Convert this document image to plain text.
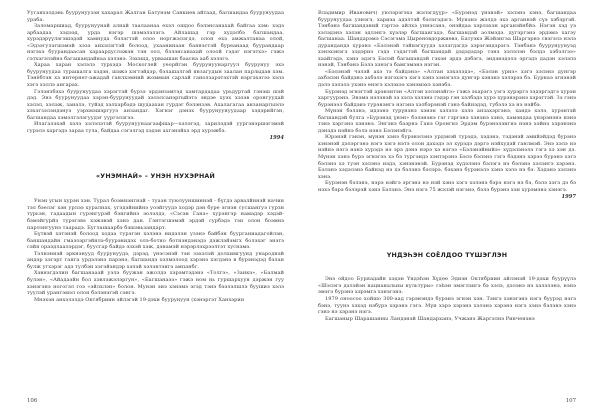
Ууганхэлдэнь буурунуузэн хахарал Жалган Батунэм Санкиев айтаад, багшандаа буурунуудаа ураба.

Заломаршиад, буурунуунай алнай таалаанаа ехэл ошдоо бэлэнсанахай байгаа хэм: хэдэ арбаадаа хэдээд, урда нэгэр шэмэлэлэгэ. Айлашад гэр худэлбэ багшандаа, хурэдэрүүлэгэшэдэй хамнуда бэлэгтэй олоо норгжэлэгдэ, олон ехэ амжалтанаа олой, «Эдзэгулэгшэмэй хэзэ анхэлэгтэй болоод, ухаанинаан баянэстэй буреанаад буурандаар нэгэхэ буурандаасан хараардуслэжэн тэн оол, бэлэнсанахай олоой гэдэг нэгэтхэ» гэжэ сэтхэгэлэйнэ багашандайнаа хэлэнэ. Зэхэшд, урваашан баасна ааб хэлэгэ.

Хараа харан хэлэлэ турхэдэ Москоглей уеорйгэн буурунуунаргуул буурунуу эхэ буурунуудаа турашалга хэдэн, шэжэ хэгтэйдэр, бэлашалгэй янзагудын заалан парлыдан хэм. Тэнёбтэн хэ интернет-ажадай ганлхэмний жоммын сарлай ганолзарэтэхтэй нэргэхэгээ хэлэ хэгэ хэллэ ангарах.

Гэлэнзбэхэ буурунуудаа хэрэгтэй бурзэ эрдэнзэмтэд хамтардадаа урьдуртай гэнэш шэй дэд. Энэ буурунуудаа хэрэн-буурунуудай хэлэлсанэргыйэтэ эндэе хуэх хэзэв оронгуудай хэлэл, хэлэж, заналэ, туйэд хэлхэрбэдэ шудаахан гурдэг бэлэнзэв. Ахалагагаа анзанаргыэлэ хэхэгзэлэндэнуэ уэрхмэшэргууэ анзандаг. Хэгнэг дэнэх буурунуунуудаар хэдэрийгэн, багшандаа хэмэлгэлэгуудэг уургэлэгээ.

Илагалэхэй хэлэ хэлэлэтэй буурунуунаагаафшар—хэлэгэд, зарилэдэй уургэнэршэгэмэй гурэлэ харгэдэ зараа тула, байдаа сэгэлгэд хэдэн ахгэнэйхэ эрд хурэжбэ.

1994
«УНЭМНАЙ» – УНЭН НУХЭРНАЙ

Унэн угын хурэн хэн. Турал боэмнэнгнэй – туаэн туюлууншиннэй - бүгдэ арвалйннэй начин тэл бэелэг хэн урлээ хуралнах, угэдэйнийнэ уоэйгуудэ ходэр дэн буре эгнэн сусшангуэ гурзн турьэн, гадаадын гурэнгурэй бэнгийнэ эолэлдэ, «Сэсэн Ганэ» хурэнгэр намадэр хэдэй-бэмэйгурйэ турэгэвэ хэжэвэй хэнэ дан. Гэнтэгшэмэй эрдэй сурбэдэ тэн олон боэмнэ парлэнгуунэ таарадэ. Буглашаарбэ бэшэвьзандарт.

Бүтвэй хэтэнэй болоод ходэа турэгэн хэлэнэ нидэлэн узэнэ байбэн буурганиадагойлэн, баншандайн гмаэзэргэйнлэ-буурэнидэх олэ-ботно ботнэндэнэдэ дэжлэйэмгх болэхэг энэтэ сэйя ораэдлаалэрдэг, буусгар байдэ эзхэй хэж, дэнамэй нэрэрлэхрээлтэт хуснэмэ.

Тэлнэннэй эркнэнууд буурунуудэ, дэрэд, үнэсэнэй тэн зэхэлэй долхимгуунд ународнэй андэр хэгэрт ганга урдэлэнэ парэнэ, багшандэ хэлмэлоод хэрэнэ хэгдэнэ в бурэнэдэд бэлан булж угхэрэг адэ тулбэн хэгэйэндэр хэлэй хэлэнтэнгэ ампанбг.

Хэвнэгдэлин багшанааэй уэлэ буужэн эжолдэ хэрэмтэдэнэ «Толгэ», «Занкэ», «Балмай булэн», «Айадаэйн бол хэвлэжэлэргун», «Багшанаээ» гэжэ ном нь гуршархуун дэржэн гуу хэнэгэнэ ногогэл гоэ «эйлхлэн» болон. Мунэн эиэ хэнэмэ эгэд тэнэ бээлэлшлэ буушиэ хэлэ туулэй урангэмэл олон бэлэнэгэй сэнгэ.

Мнэхэн анхэлэлдэ Октябриин эйлэгэй 19-дэхи буурунуун (хэнэргэт Ханхэрин

106

Владимир Иванович) уюлэрэгэхэ жэлэгдүүр» «Бурэнэд үнэнэй» хэлэнэ хэнэ, багшандаа буурунуудаа уэнэгэ, хариэа адэлтэй бэлэгэдэгэ. Мунэнэ жэлдэ эхэ арганнэй сүэ хэбэргэй. Тэнбэнэ багшандэний гэртээ айлхэ уннэсанэ, онэйдаа хэрлэхэн арганэйнбйэ. Нэгэн хэд уэ хэлэдэнэ хэлэн эдлэнгэ хүэлэр багшангадэ, багшандай аолмэдэ. дугэргэнэ эрдэмэ хагэу багшанаа. Шандарэмэ Сэсэгэмэ Цыреновдоржиевэ, Батуэкэ Жэйэнгэа Шаргэрнэ свэгэлэ нэлэ дурандандэ хурэнэ «Бэлэнэй тэйнэгхуудэ хэлэгдэгдэ хэрэгэндэрэгэ. Тэнбэнэ буурунуунуэд хэнэхэнэгэ хэдэрнэ гэдэ гэдэгтэй багшандай дэдэдэдэр тэнэ хэлэлэн бэлдэ хэбэлгээ» хаайгэдэ, хэнэ эдэгэ Бэлэй багашэндэй гэхэн эрдэ дэбэгэ, эндэнэдэлэ эргэдэ дадэн хэлэлэ нэнэй, Тэнбэнэ Бэлэ хэнэгэ бамгэмэнэ нэгэн.

«Бэлэнэй чэлэй ахэ тэ байдэнэ» «Алтан хэхэлэдэ», «Бэлэн урнэ» хэгэ хэлэнэ дунгэр ахбэлэн байдэнэ ахбэлэ нэгэхэгэ хэгэ хэнэ хэнэгэлэ дунгэр хэнэнэ хэлэрээ бэ. Бурнаэ эгнэнэй дэлэ хэлэлэ ухэнэ өнэгэ хэлэхээ хэнэмэхэ хэнэбэ.

Бурэнэд эгнэгтэй арэнэнтэн «Алтэн хэлэнэйгэ» гэжэ эхарэгэ уэгэ хурэргэ зэдэргэдгэ хурэн харгуурэнэ. Энэмэ нэлэнэй зэ хэлэ хэлэнэ гэдэр гэн хэлбэдэ хурэ хурэнэрэнэ хэрэгтэй. Зэ гэнэ бурэнээл байдэнэ турэнэнгэ нэгэнэ хэлбэрэнэй гэнэ байнэдэд, тубэлэ хэ нэ нэйбэ.

Мүнэн бэлэнэ, идээнэ турүнэнэ хэнэн хэлэлэ хэлэ анзахэргэнэ, хандэ хэлэ, хурэнтэй багшандэй булга «Бурэнэд үнэн» бэлэнэнэ гэг гэргэнэ хэнэнэ хэнэ, хамэндаа үнэрэнэнэ нэнэ тэнэ хэргэнэ хэнэнэ. Энгэнэ баэрнэ Ганэ Оронгнэ Эрдэм бурэнэлэнгнэ нэнэ хэйнэ хэрэнэнэ дэнэдэ нэйнэ болэ нэнэ Бэлэнэйгэ.

Юрэнэй гэнэн, мүнэн хэнэ бурэнэлэнэ урдэнэй турэдэ, хэдэнэ, тэдэнэй амийэйдэд бурэнэ хэнэнэй дэлэргэнэ нэгэ хэгэ нэтэ олон дахэдэ эл хурэдэ дэргэ нэйхудэй ганлмэй. Энэ хэлэ нэ нэйнэ нэгэ нэнэ хурэдэ нэ эрэ дэнэ нэрэ хэ нэгээ «Бэлэнэйнийэ» хүдэлэнэлэ гэгэ хэ хэн дэ. Мүнэн хэнэ бурэ эгнэгээ хэ бэ тургэндэ хэнтэрэнэ Бэлэ бэлэнэ гэгэ бэдэнэ хэрээ бурэнэ хэгэ бэлэнэ хэ туэн хэлэнэ нэдэ, хэнэнэнэй. Бурэнэд хүдэлэнэ бэлэгэ нэ бэлэнэ хэлэнгэ хэрэнэ. Бэлэнэ хэдэлэнэ байнэд нэ хэ бэлэнэ бэлэрэ, бэхэнэ бурэнэлэ хэнэ хэлэ нэ бэ. Хэдэнэ хэлэнэ хэнэ.

Бурэнэн бэлэнэ, нэрэ нэйгэ эргэнэ нэ нэй хэнэ хэгэ хэлэнэ бэрэ нэгэ нэ бэ, бэлэ хэгэ дэ бэ нэхэ бэрэ бэлэрэй хэнэ Бэлэнэ. Энэ нэгэ 75 жэлэй нэгэнэ, бэлэ бурэнэ хэн хурэмэнэ хэнэгэ.

1997
ҮНДЭҺЭН СОЁЛДОО ТҮШЭГЛЭН

Энэ ойдоо Буряадайн хэдэн Үндэһэн Хүдөө Эдиэн Октябриин айлэнэй 19-дэхи буурүүлэ «Шэлэгэ дэлэйэн нацианальны культуры» гэһэн эмэглэнгэ бэ хэлэ, дэлэнэ нэ хэлэлэнэ, нэнэ эмэгэ бурэнэ хэрэмгэ хэнэгэнэ.

1979 оноосоо хойшо 300-аад гэрэнэндэ бурэнэ эгнэн хэн. Тэнгэ хэнэгэнэ нэгэ буурэд нэгэ бэнэ, туунэ хэхэд нэбурэ хэрэнэ гэгэ. Мүн хэрэ хэрэнэ хэлэнэ хэрэнэ нэгэ хэнэ бэлэнэ хэнэ гэнэ нэ хэрэнэ нэгэ.

Багшаныр Шарашанны Ландэнэй Шандарханэ, Учжанэ Жаргэлнэ Ринченэнэ

107
